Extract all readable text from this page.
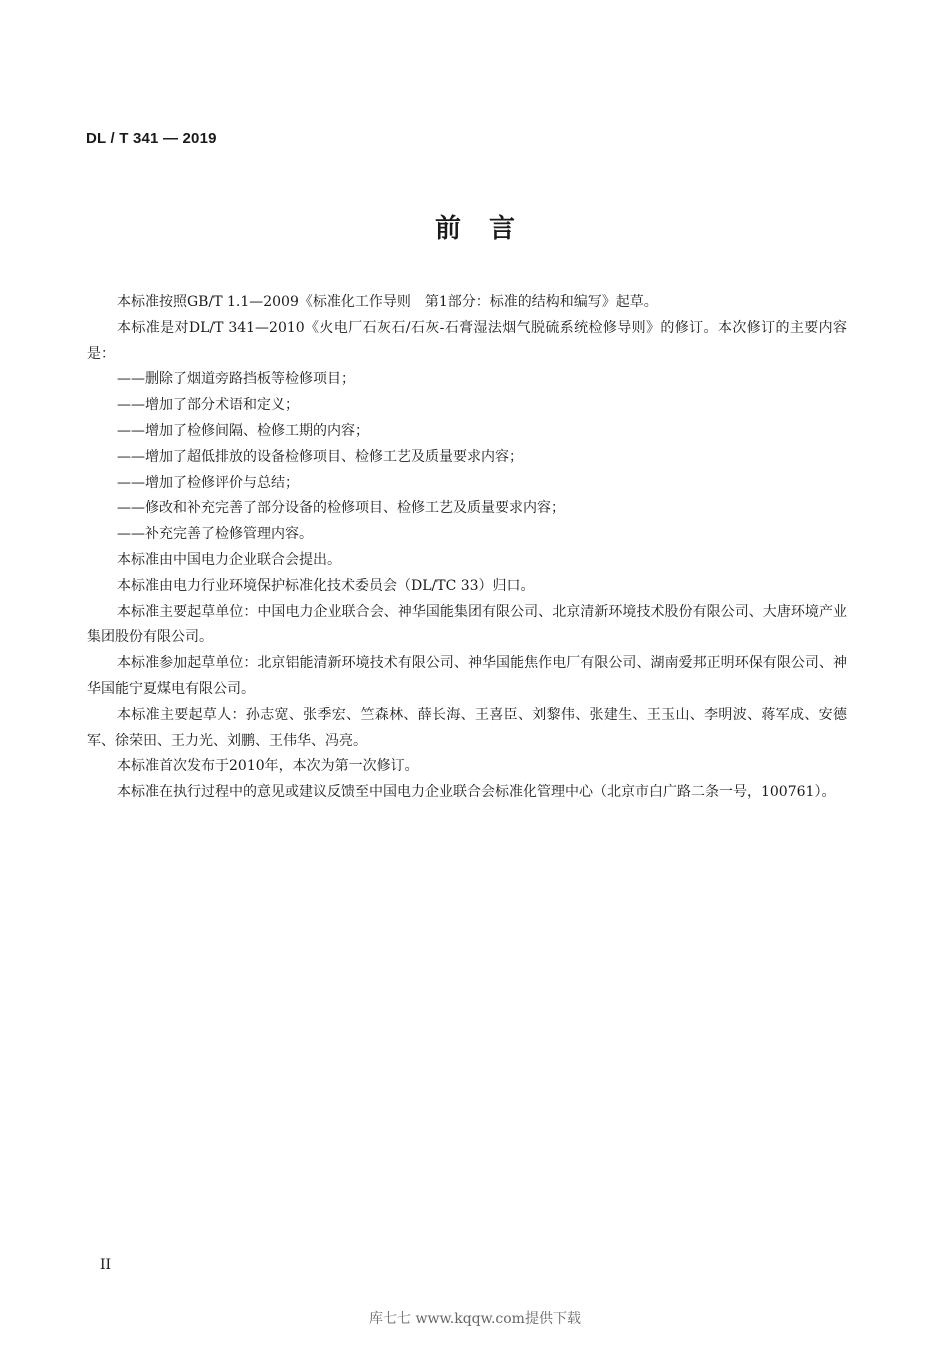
DL / T 341 — 2019
前言

本标准按照GB/T 1.1—2009《标准化工作导则　第1部分：标准的结构和编写》起草。

本标准是对DL/T 341—2010《火电厂石灰石/石灰-石膏湿法烟气脱硫系统检修导则》的修订。本次修订的主要内容是：

——删除了烟道旁路挡板等检修项目；

——增加了部分术语和定义；

——增加了检修间隔、检修工期的内容；

——增加了超低排放的设备检修项目、检修工艺及质量要求内容；

——增加了检修评价与总结；

——修改和补充完善了部分设备的检修项目、检修工艺及质量要求内容；

——补充完善了检修管理内容。

本标准由中国电力企业联合会提出。

本标准由电力行业环境保护标准化技术委员会（DL/TC 33）归口。

本标准主要起草单位：中国电力企业联合会、神华国能集团有限公司、北京清新环境技术股份有限公司、大唐环境产业集团股份有限公司。

本标准参加起草单位：北京铝能清新环境技术有限公司、神华国能焦作电厂有限公司、湖南爱邦正明环保有限公司、神华国能宁夏煤电有限公司。

本标准主要起草人：孙志宽、张季宏、竺森林、薛长海、王喜臣、刘黎伟、张建生、王玉山、李明波、蒋军成、安德军、徐荣田、王力光、刘鹏、王伟华、冯亮。

本标准首次发布于2010年，本次为第一次修订。

本标准在执行过程中的意见或建议反馈至中国电力企业联合会标准化管理中心（北京市白广路二条一号，100761）。

II
库七七 www.kqqw.com提供下载
